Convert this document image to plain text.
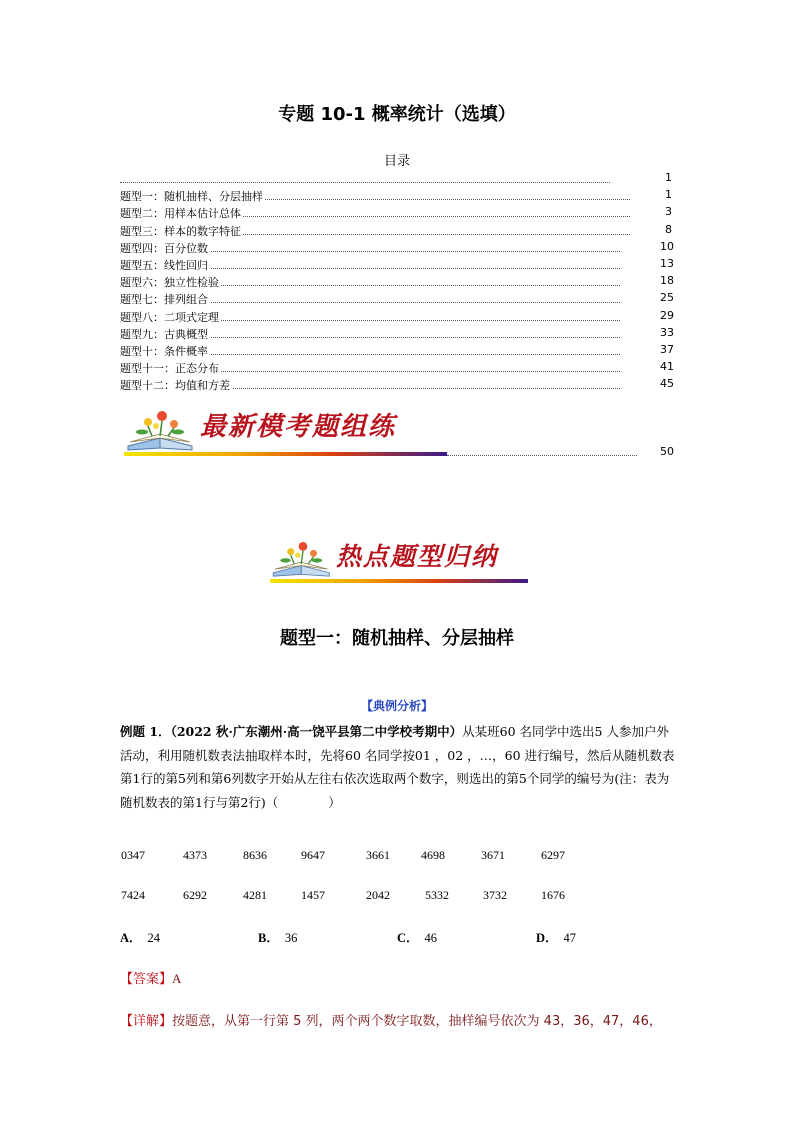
专题 10-1 概率统计（选填）
目录
1
题型一：随机抽样、分层抽样	1
题型二：用样本估计总体	3
题型三：样本的数字特征	8
题型四：百分位数	10
题型五：线性回归	13
题型六：独立性检验	18
题型七：排列组合	25
题型八：二项式定理	29
题型九：古典概型	33
题型十：条件概率	37
题型十一：正态分布	41
题型十二：均值和方差	45
最新模考题组练
50
热点题型归纳
题型一：随机抽样、分层抽样
【典例分析】
例题 1．（2022 秋·广东潮州·高一饶平县第二中学校考期中）从某班60 名同学中选出5 人参加户外活动，利用随机数表法抽取样本时，先将60 名同学按01 ，02 ，…，60 进行编号，然后从随机数表第1行的第5列和第6列数字开始从左往右依次选取两个数字，则选出的第5个同学的编号为(注：表为随机数表的第1行与第2行)（　　　　）
0347	4373	8636	9647	3661	4698	3671	6297
7424	6292	4281	1457	2042	5332	3732	1676
A． 24	B． 36	C． 46	D． 47
【答案】A
【详解】按题意，从第一行第 5 列，两个两个数字取数，抽样编号依次为 43，36，47，46，
